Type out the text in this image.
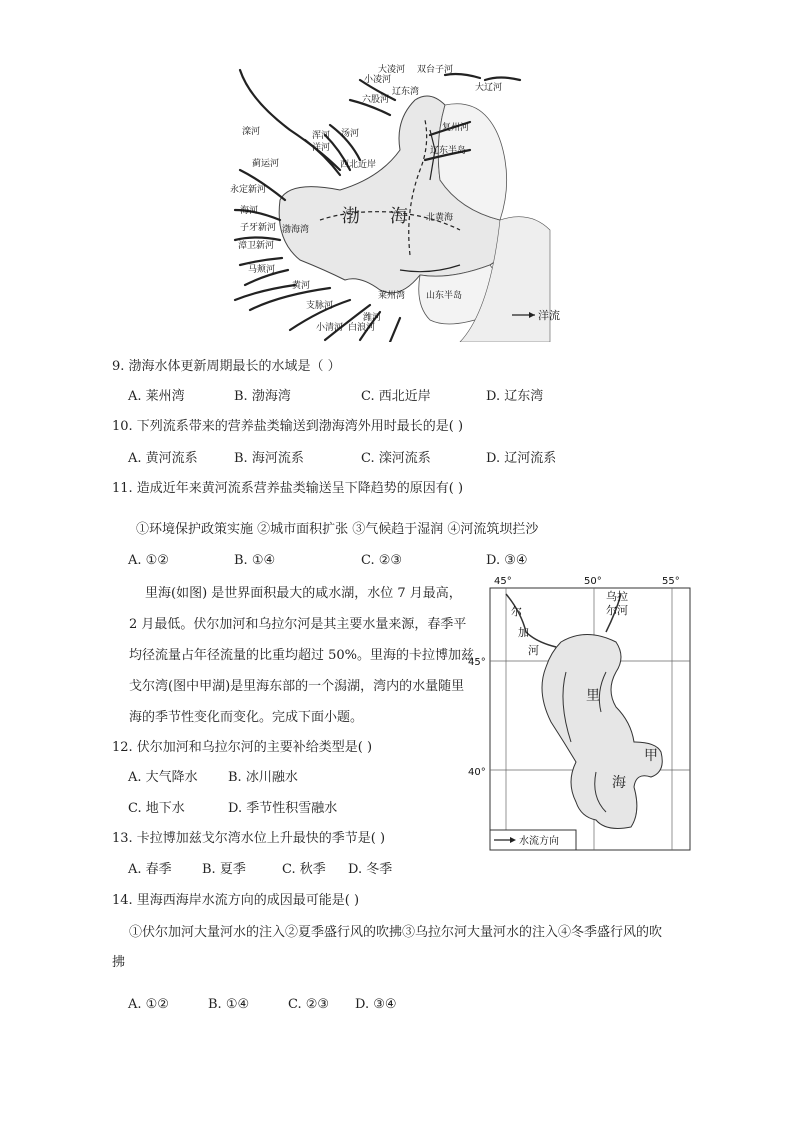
大凌河 双台子河
大辽河
小凌河
六股河
辽东湾
滦河	浑河 汤河
洋河
复州河
西北近岸
辽东半岛
蓟运河
永定新河
海河
子牙新河
漳卫新河
马颊河
渤 海 北黄海
渤海湾
黄河
莱州湾
支脉河
山东半岛
小清河 白浪河
潍河	洋流
9. 渤海水体更新周期最长的水域是（ ）
A. 莱州湾	B. 渤海湾	C. 西北近岸	D. 辽东湾
10. 下列流系带来的营养盐类输送到渤海湾外用时最长的是( )
A. 黄河流系	B. 海河流系	C. 滦河流系	D. 辽河流系
11. 造成近年来黄河流系营养盐类输送呈下降趋势的原因有( )
①环境保护政策实施 ②城市面积扩张 ③气候趋于湿润 ④河流筑坝拦沙
A. ①②	B. ①④	C. ②③	D. ③④
里海(如图) 是世界面积最大的咸水湖，水位 7 月最高，
2 月最低。伏尔加河和乌拉尔河是其主要水量来源，春季平
均径流量占年径流量的比重均超过 50%。里海的卡拉博加兹
戈尔湾(图中甲湖)是里海东部的一个潟湖，湾内的水量随里
海的季节性变化而变化。完成下面小题。
45°	50°	55°
45°
40°
尔
加
河
乌拉
尔河
里
海
甲
水流方向
12. 伏尔加河和乌拉尔河的主要补给类型是( )
A. 大气降水 B. 冰川融水
C. 地下水	D. 季节性积雪融水
13. 卡拉博加兹戈尔湾水位上升最快的季节是( )
A. 春季 B. 夏季	C. 秋季 D. 冬季
14. 里海西海岸水流方向的成因最可能是( )
①伏尔加河大量河水的注入②夏季盛行风的吹拂③乌拉尔河大量河水的注入④冬季盛行风的吹
拂
A. ①②	B. ①④	C. ②③ D. ③④
